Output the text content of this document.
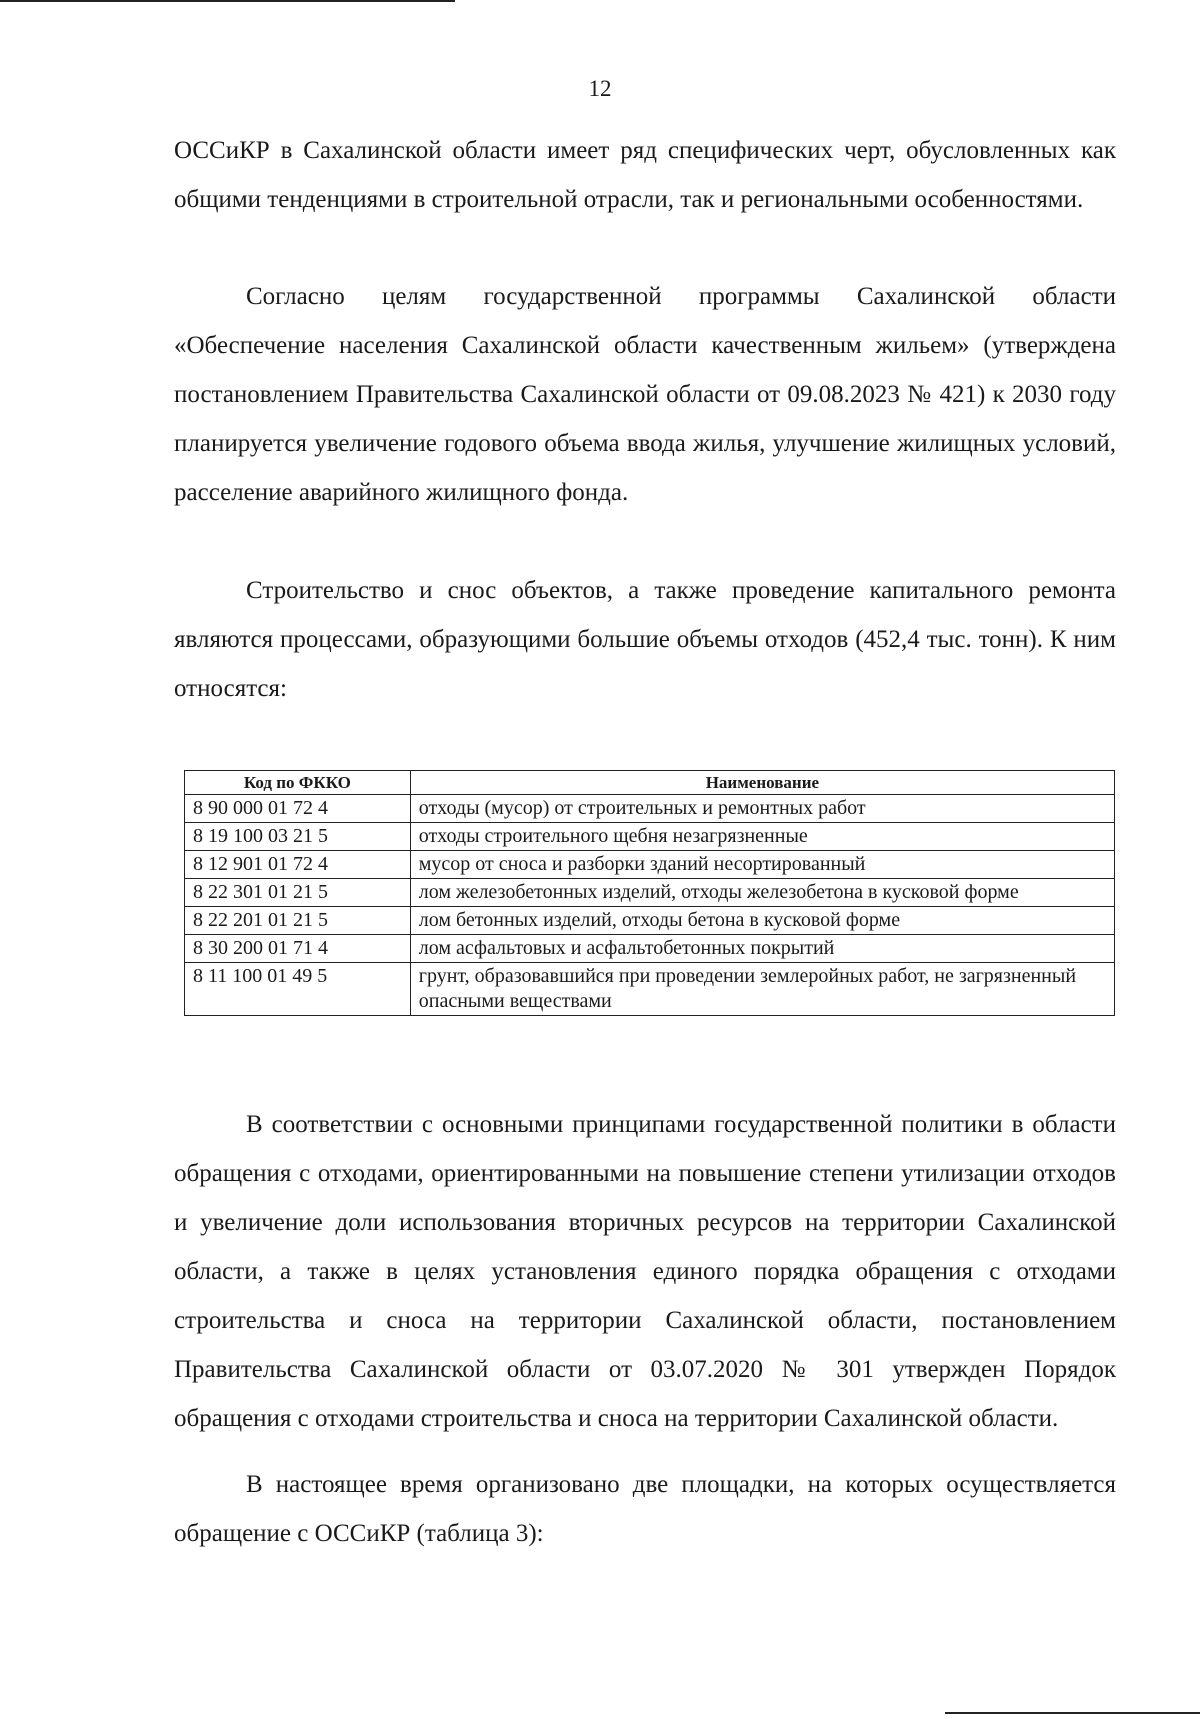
12

ОССиКР в Сахалинской области имеет ряд специфических черт, обусловленных как общими тенденциями в строительной отрасли, так и региональными особенностями.

Согласно целям государственной программы Сахалинской области «Обеспечение населения Сахалинской области качественным жильем» (утверждена постановлением Правительства Сахалинской области от 09.08.2023 № 421) к 2030 году планируется увеличение годового объема ввода жилья, улучшение жилищных условий, расселение аварийного жилищного фонда.

Строительство и снос объектов, а также проведение капитального ремонта являются процессами, образующими большие объемы отходов (452,4 тыс. тонн). К ним относятся:

Код по ФККО	Наименование
8 90 000 01 72 4	отходы (мусор) от строительных и ремонтных работ
8 19 100 03 21 5	отходы строительного щебня незагрязненные
8 12 901 01 72 4	мусор от сноса и разборки зданий несортированный
8 22 301 01 21 5	лом железобетонных изделий, отходы железобетона в кусковой форме
8 22 201 01 21 5	лом бетонных изделий, отходы бетона в кусковой форме
8 30 200 01 71 4	лом асфальтовых и асфальтобетонных покрытий
8 11 100 01 49 5	грунт, образовавшийся при проведении землеройных работ, не загрязненный опасными веществами

В соответствии с основными принципами государственной политики в области обращения с отходами, ориентированными на повышение степени утилизации отходов и увеличение доли использования вторичных ресурсов на территории Сахалинской области, а также в целях установления единого порядка обращения с отходами строительства и сноса на территории Сахалинской области, постановлением Правительства Сахалинской области от 03.07.2020 № 301 утвержден Порядок обращения с отходами строительства и сноса на территории Сахалинской области.

В настоящее время организовано две площадки, на которых осуществляется обращение с ОССиКР (таблица 3):
